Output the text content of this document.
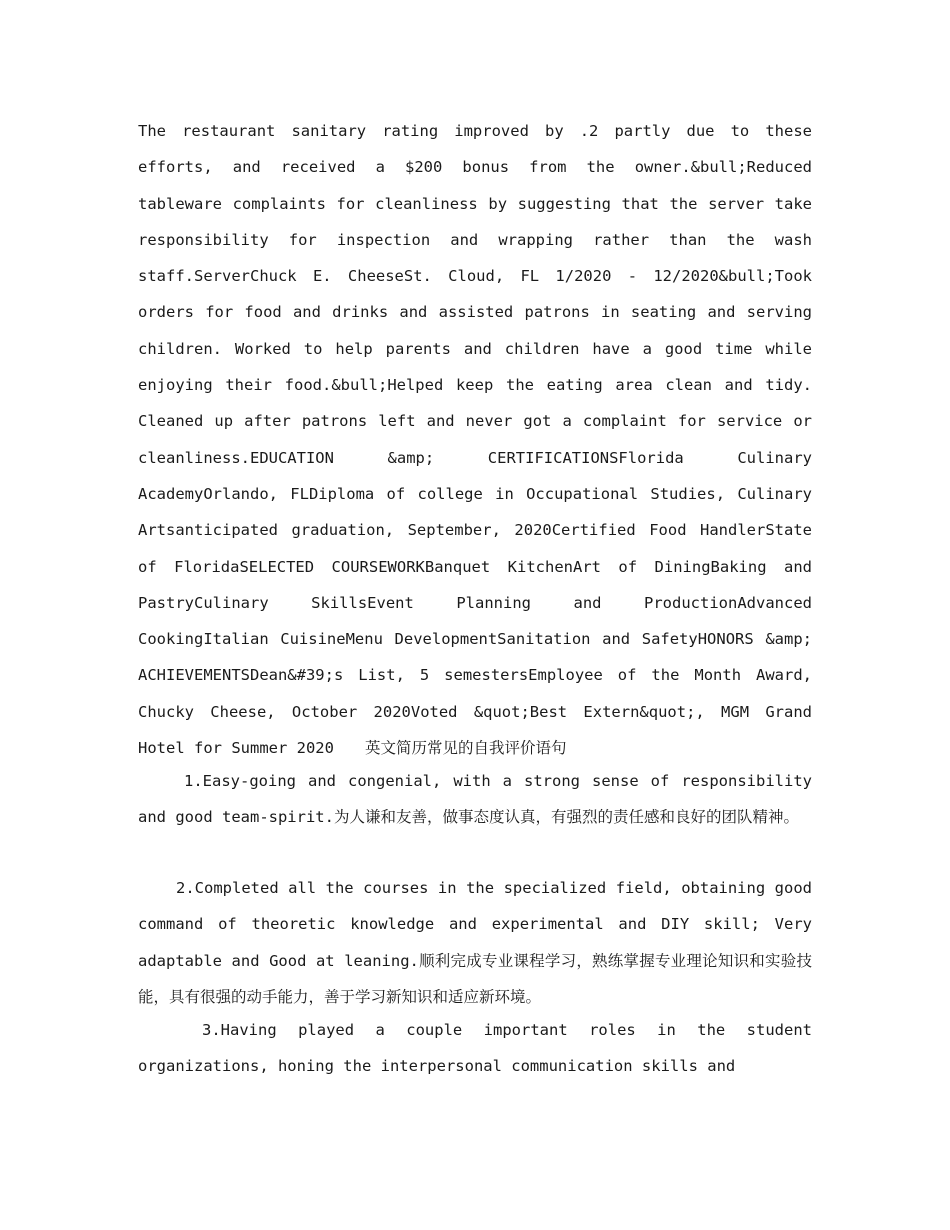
The restaurant sanitary rating improved by .2 partly due to these efforts, and received a $200 bonus from the owner.&bull;Reduced tableware complaints for cleanliness by suggesting that the server take responsibility for inspection and wrapping rather than the wash staff.ServerChuck E. CheeseSt. Cloud, FL 1/2020 - 12/2020&bull;Took orders for food and drinks and assisted patrons in seating and serving children. Worked to help parents and children have a good time while enjoying their food.&bull;Helped keep the eating area clean and tidy. Cleaned up after patrons left and never got a complaint for service or cleanliness.EDUCATION &amp; CERTIFICATIONSFlorida Culinary AcademyOrlando, FLDiploma of college in Occupational Studies, Culinary Artsanticipated graduation, September, 2020Certified Food HandlerState of FloridaSELECTED COURSEWORKBanquet KitchenArt of DiningBaking and PastryCulinary SkillsEvent Planning and ProductionAdvanced CookingItalian CuisineMenu DevelopmentSanitation and SafetyHONORS &amp; ACHIEVEMENTSDean&#39;s List, 5 semestersEmployee of the Month Award, Chucky Cheese, October 2020Voted &quot;Best Extern&quot;, MGM Grand Hotel for Summer 2020　　英文简历常见的自我评价语句

1.Easy-going and congenial, with a strong sense of responsibility and good team-spirit.为人谦和友善，做事态度认真，有强烈的责任感和良好的团队精神。

2.Completed all the courses in the specialized field, obtaining good command of theoretic knowledge and experimental and DIY skill; Very adaptable and Good at leaning.顺利完成专业课程学习，熟练掌握专业理论知识和实验技能，具有很强的动手能力，善于学习新知识和适应新环境。

3.Having played a couple important roles in the student organizations, honing the interpersonal communication skills and
